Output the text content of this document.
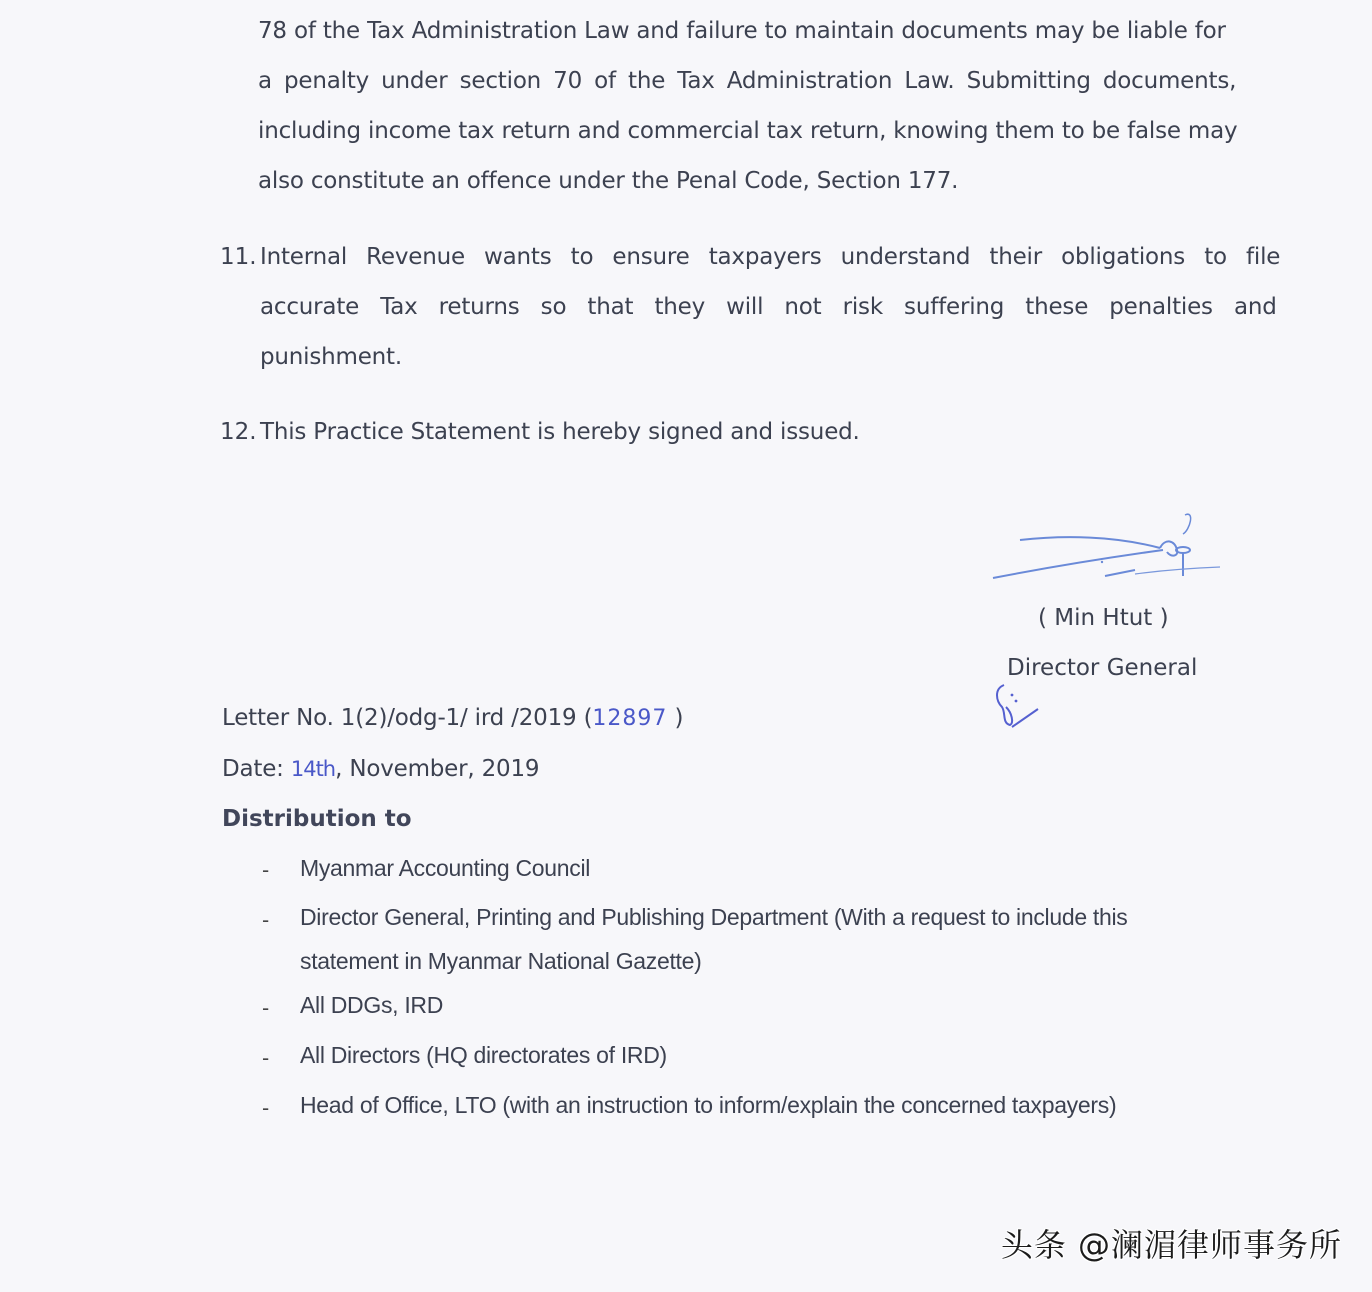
78 of the Tax Administration Law and failure to maintain documents may be liable for
a penalty under section 70 of the Tax Administration Law. Submitting documents,
including income tax return and commercial tax return, knowing them to be false may
also constitute an offence under the Penal Code, Section 177.
11. Internal Revenue wants to ensure taxpayers understand their obligations to file
accurate Tax returns so that they will not risk suffering these penalties and
punishment.
12. This Practice Statement is hereby signed and issued.
( Min Htut )
Director General
Letter No. 1(2)/odg-1/ ird /2019 (12897 )
Date: 14th, November, 2019
Distribution to
- Myanmar Accounting Council
- Director General, Printing and Publishing Department (With a request to include this
statement in Myanmar National Gazette)
- All DDGs, IRD
- All Directors (HQ directorates of IRD)
- Head of Office, LTO (with an instruction to inform/explain the concerned taxpayers)
头条 @澜湄律师事务所
